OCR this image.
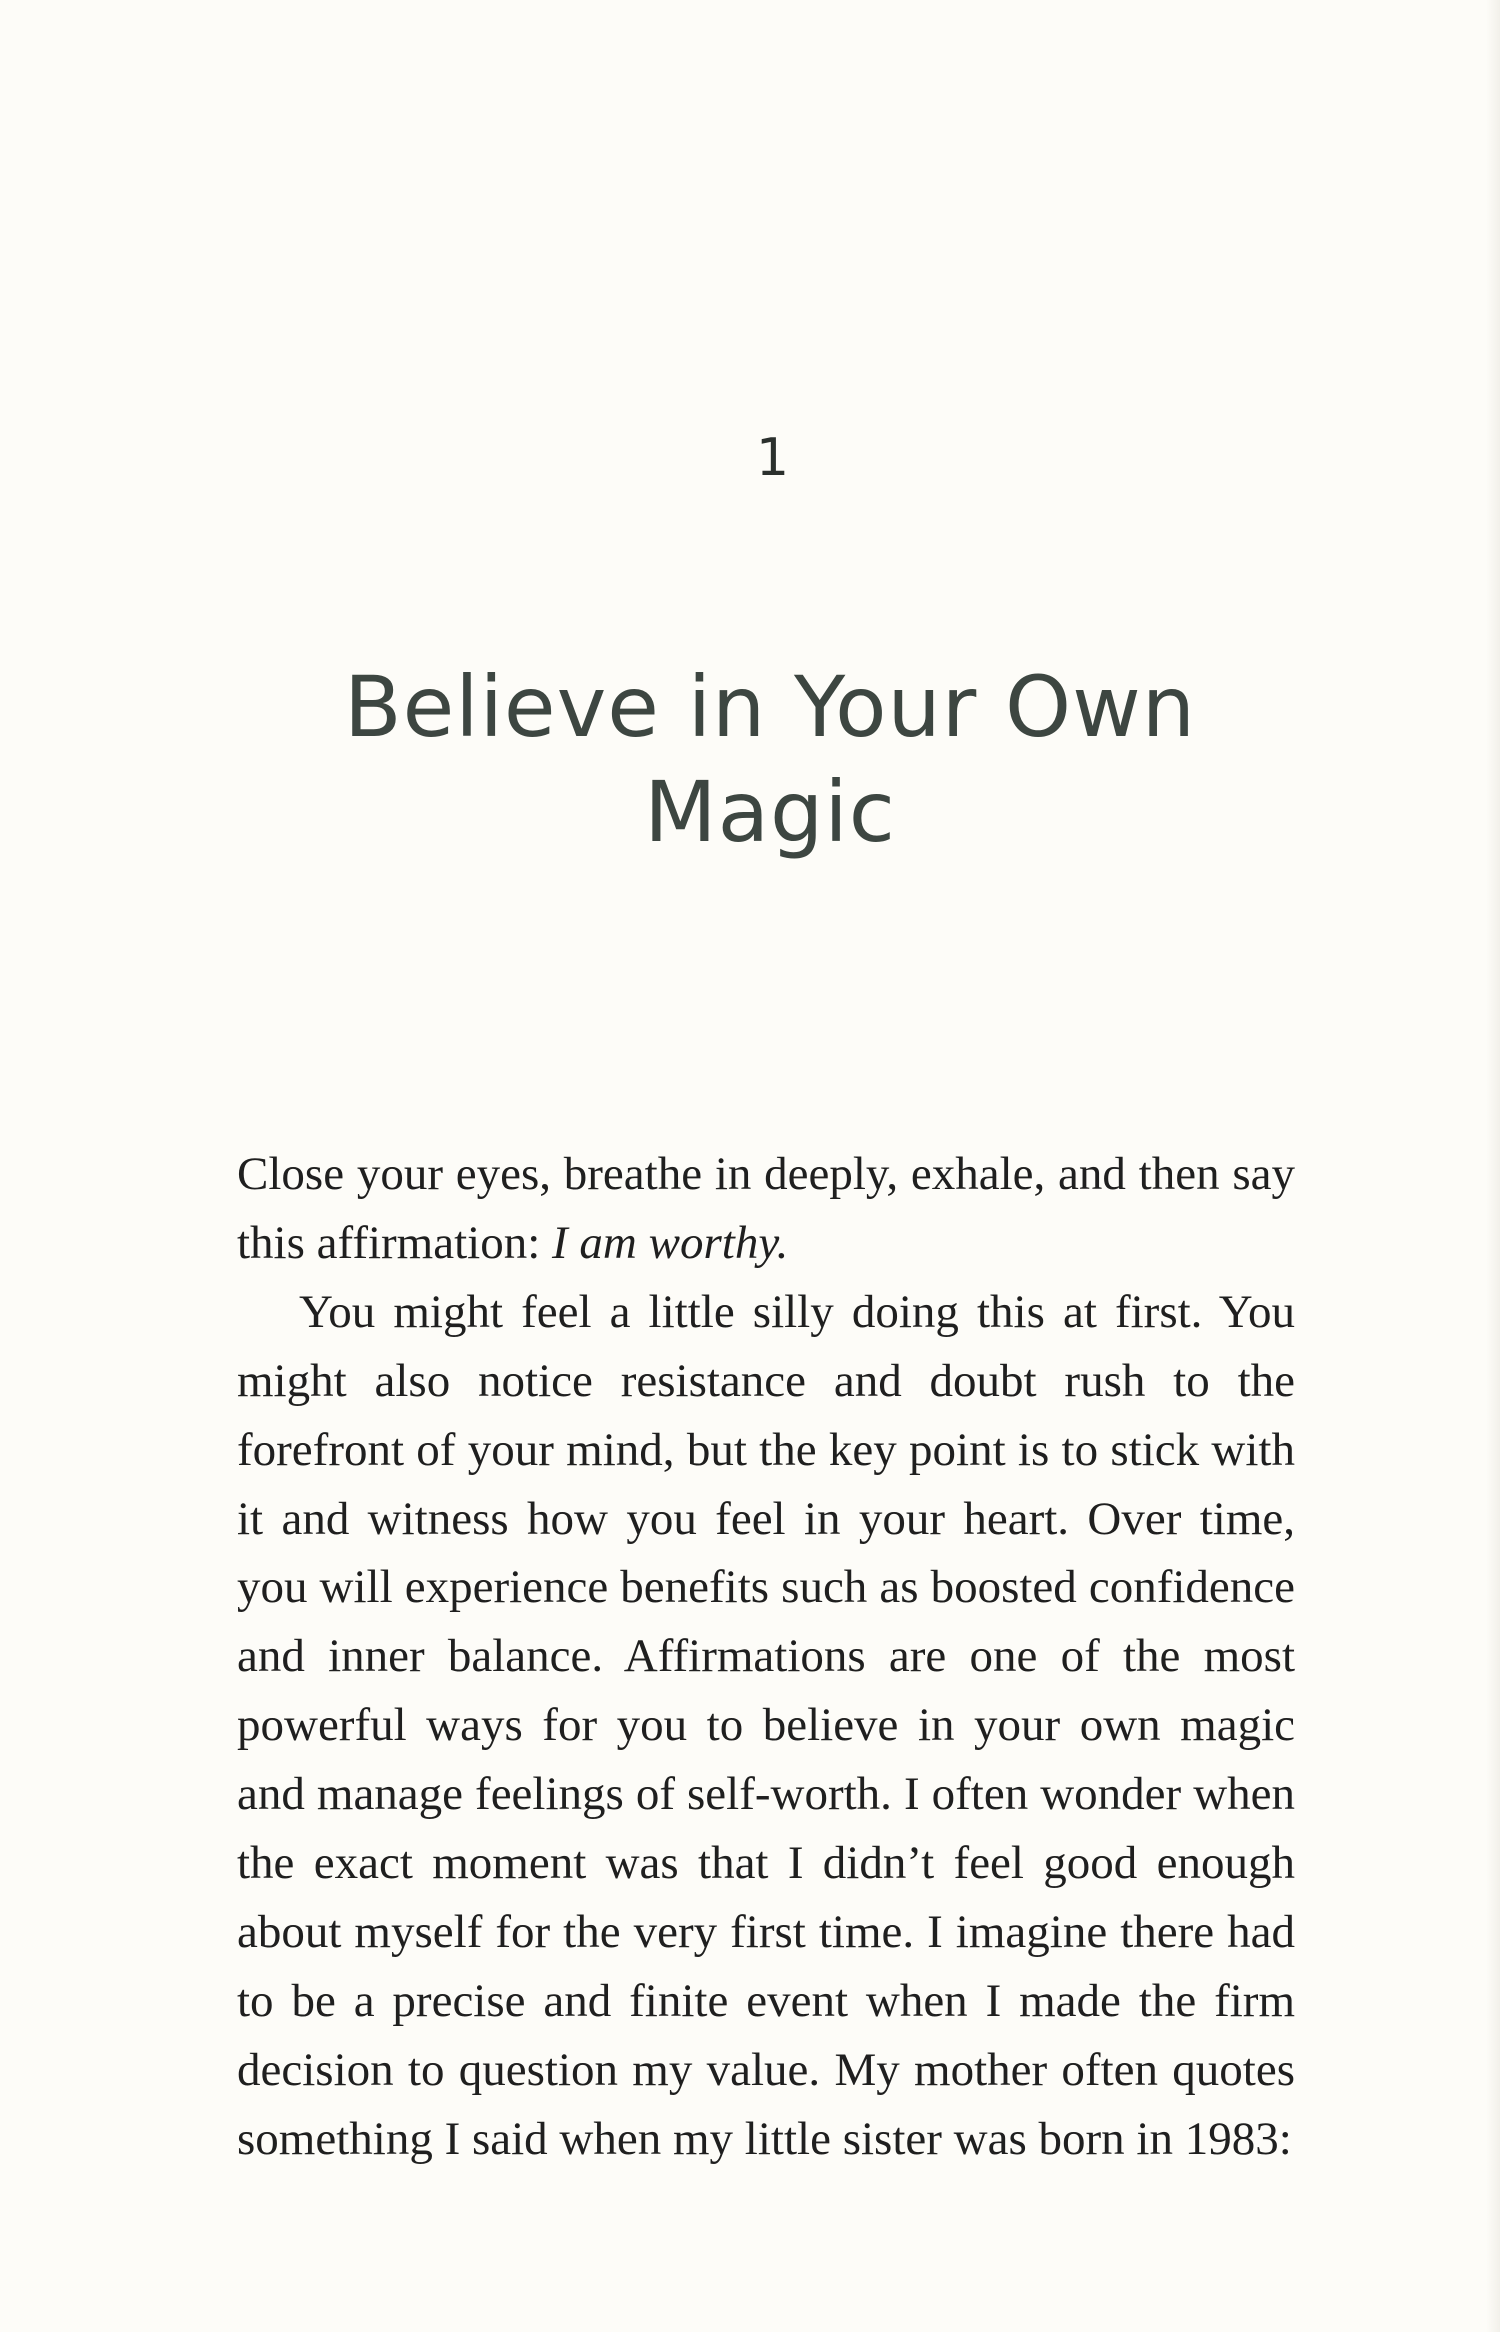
1
Believe in Your Own
Magic

Close your eyes, breathe in deeply, exhale, and then say this affirmation: I am worthy.

You might feel a little silly doing this at first. You might also notice resistance and doubt rush to the forefront of your mind, but the key point is to stick with it and witness how you feel in your heart. Over time, you will experience benefits such as boosted confidence and inner balance. Affirmations are one of the most powerful ways for you to believe in your own magic and manage feelings of self-worth. I often wonder when the exact moment was that I didn’t feel good enough about myself for the very first time. I imagine there had to be a precise and finite event when I made the firm decision to question my value. My mother often quotes something I said when my little sister was born in 1983:
